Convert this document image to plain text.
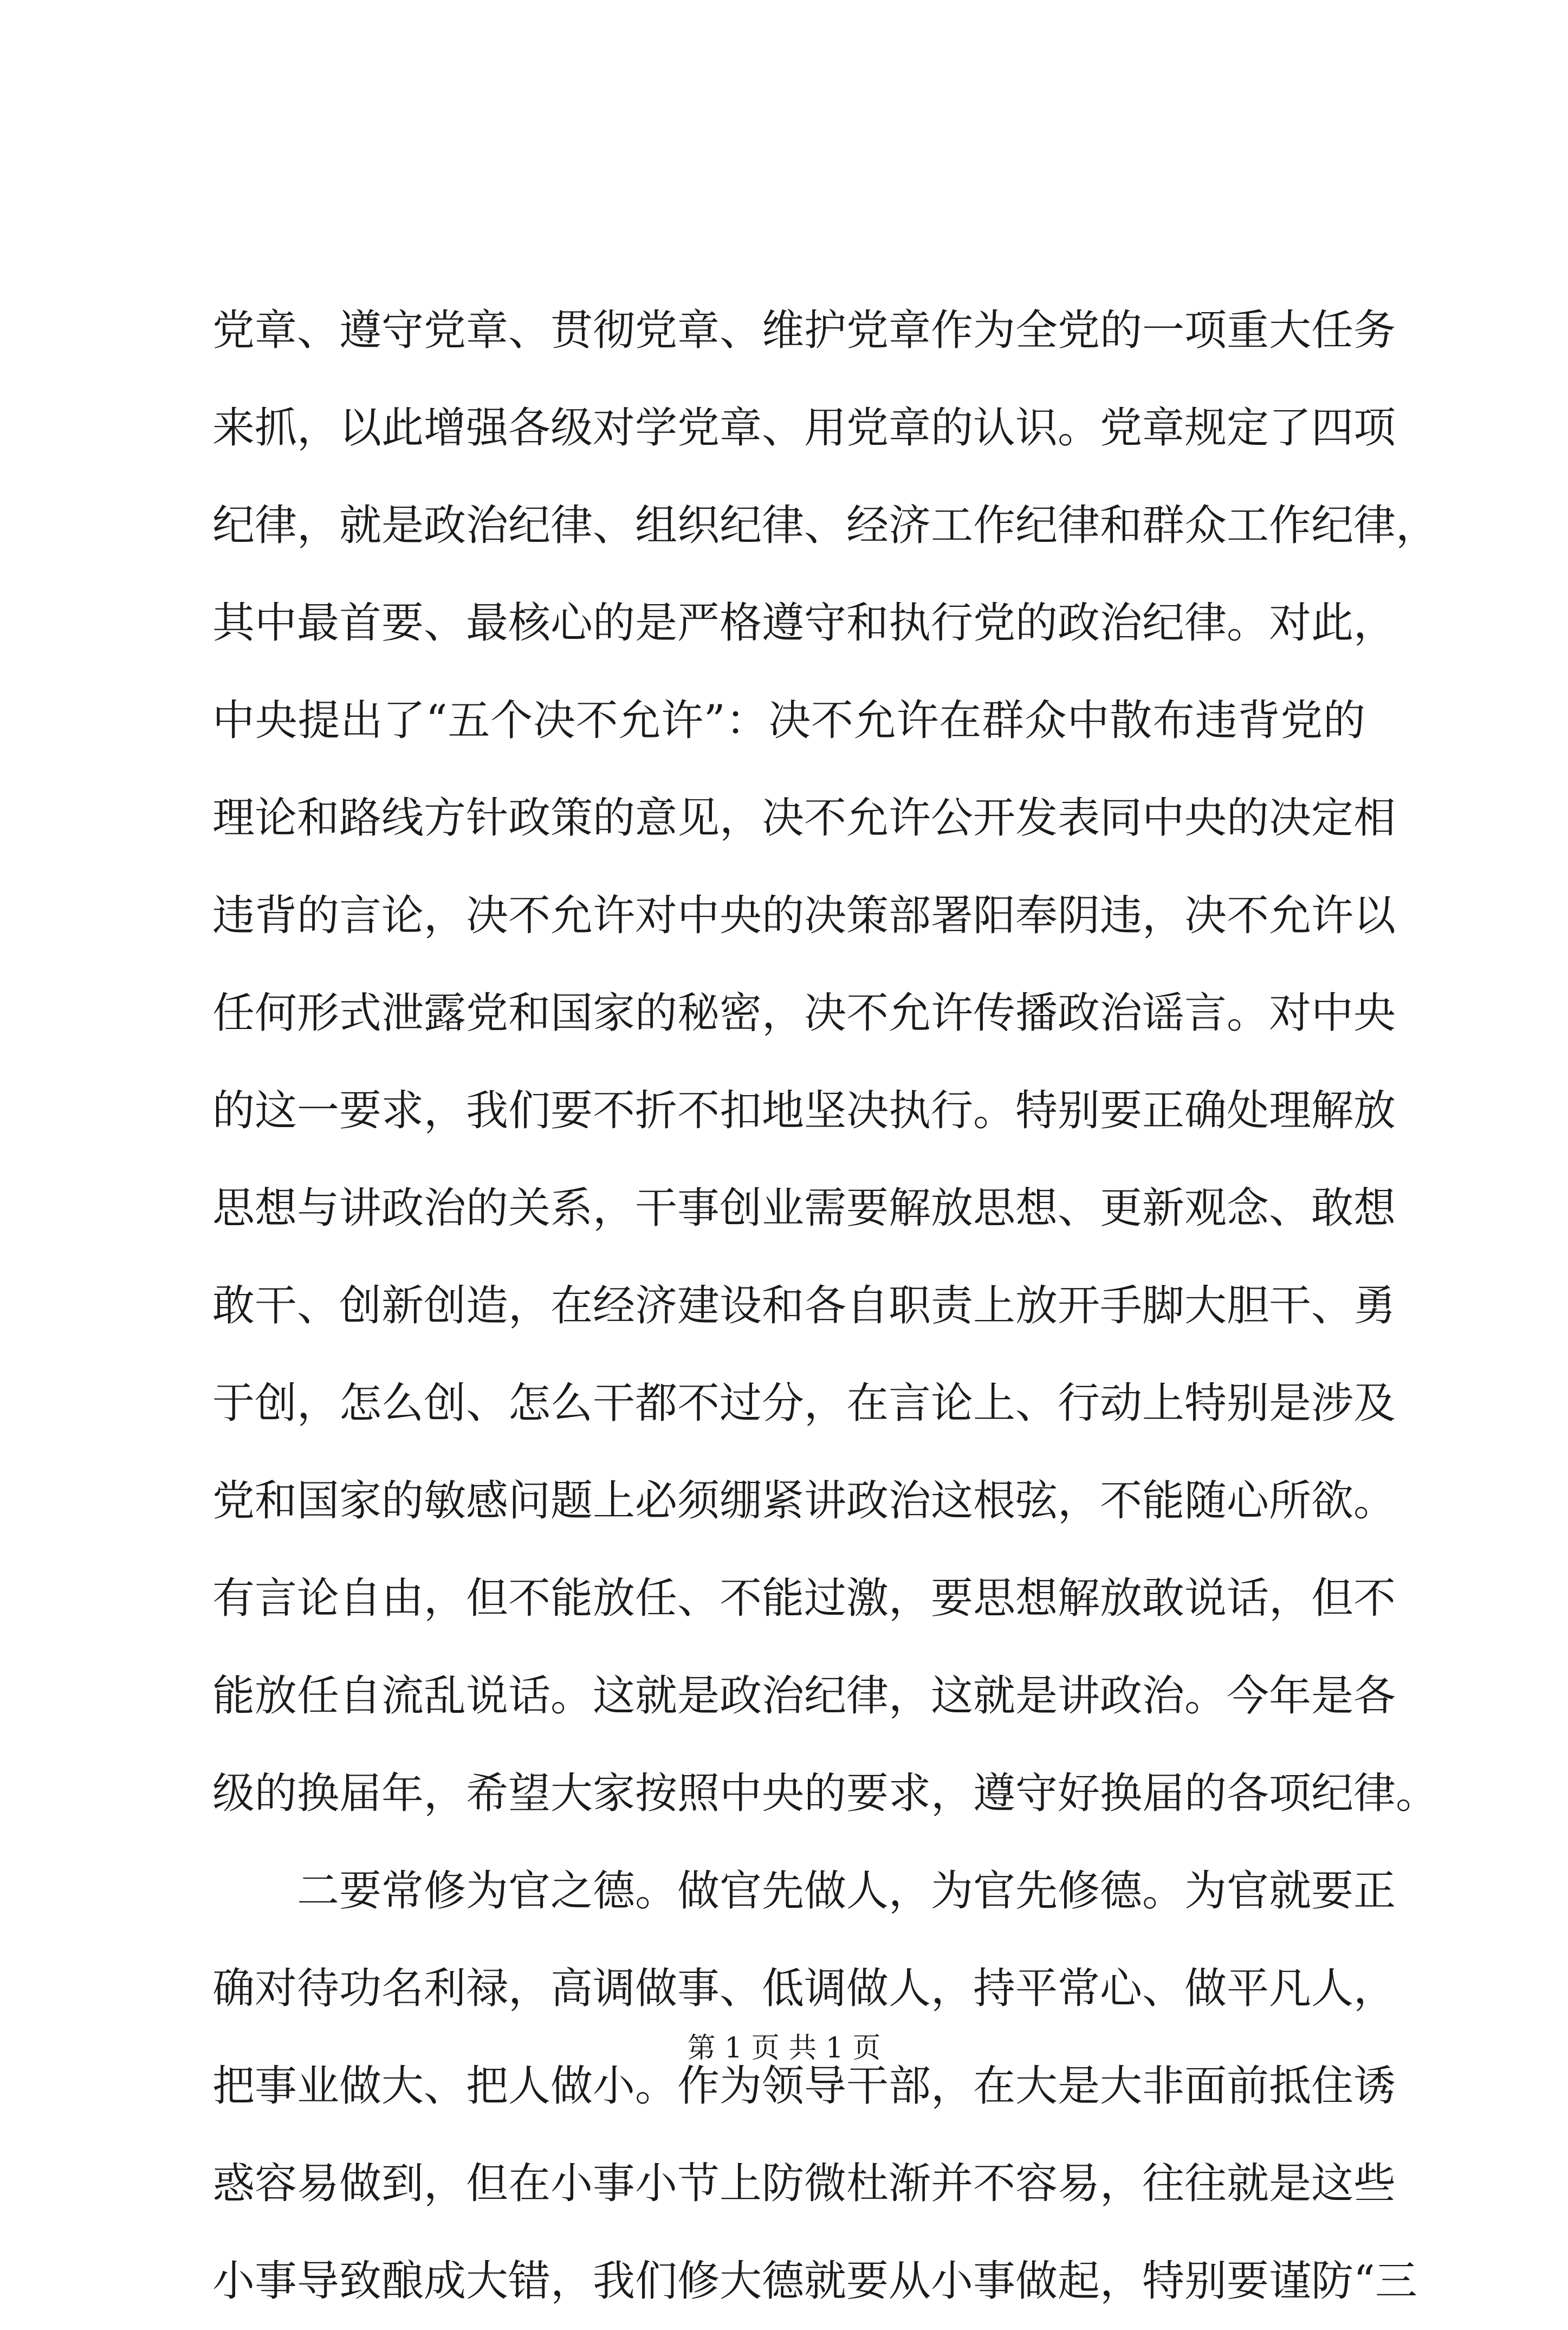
党章、遵守党章、贯彻党章、维护党章作为全党的一项重大任务
来抓，以此增强各级对学党章、用党章的认识。党章规定了四项
纪律，就是政治纪律、组织纪律、经济工作纪律和群众工作纪律，
其中最首要、最核心的是严格遵守和执行党的政治纪律。对此，
中央提出了“五个决不允许”：决不允许在群众中散布违背党的
理论和路线方针政策的意见，决不允许公开发表同中央的决定相
违背的言论，决不允许对中央的决策部署阳奉阴违，决不允许以
任何形式泄露党和国家的秘密，决不允许传播政治谣言。对中央
的这一要求，我们要不折不扣地坚决执行。特别要正确处理解放
思想与讲政治的关系，干事创业需要解放思想、更新观念、敢想
敢干、创新创造，在经济建设和各自职责上放开手脚大胆干、勇
于创，怎么创、怎么干都不过分，在言论上、行动上特别是涉及
党和国家的敏感问题上必须绷紧讲政治这根弦，不能随心所欲。
有言论自由，但不能放任、不能过激，要思想解放敢说话，但不
能放任自流乱说话。这就是政治纪律，这就是讲政治。今年是各
级的换届年，希望大家按照中央的要求，遵守好换届的各项纪律。
二要常修为官之德。做官先做人，为官先修德。为官就要正
确对待功名利禄，高调做事、低调做人，持平常心、做平凡人，
把事业做大、把人做小。作为领导干部，在大是大非面前抵住诱
惑容易做到，但在小事小节上防微杜渐并不容易，往往就是这些
小事导致酿成大错，我们修大德就要从小事做起，特别要谨防“三
第 1 页 共 1 页
